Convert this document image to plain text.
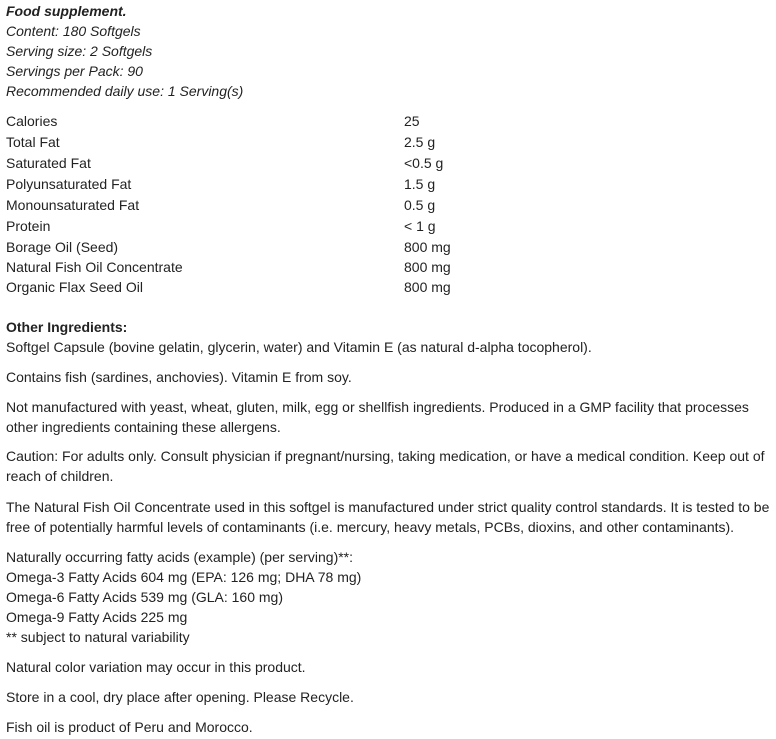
Food supplement.
Content: 180 Softgels
Serving size: 2 Softgels
Servings per Pack: 90
Recommended daily use: 1 Serving(s)
Calories	25
Total Fat	2.5 g
Saturated Fat	<0.5 g
Polyunsaturated Fat	1.5 g
Monounsaturated Fat	0.5 g
Protein	< 1 g
Borage Oil (Seed)	800 mg
Natural Fish Oil Concentrate	800 mg
Organic Flax Seed Oil	800 mg
Other Ingredients:
Softgel Capsule (bovine gelatin, glycerin, water) and Vitamin E (as natural d-alpha tocopherol).
Contains fish (sardines, anchovies). Vitamin E from soy.
Not manufactured with yeast, wheat, gluten, milk, egg or shellfish ingredients. Produced in a GMP facility that processes other ingredients containing these allergens.
Caution: For adults only. Consult physician if pregnant/nursing, taking medication, or have a medical condition. Keep out of reach of children.
The Natural Fish Oil Concentrate used in this softgel is manufactured under strict quality control standards. It is tested to be free of potentially harmful levels of contaminants (i.e. mercury, heavy metals, PCBs, dioxins, and other contaminants).
Naturally occurring fatty acids (example) (per serving)**:
Omega-3 Fatty Acids 604 mg (EPA: 126 mg; DHA 78 mg)
Omega-6 Fatty Acids 539 mg (GLA: 160 mg)
Omega-9 Fatty Acids 225 mg
** subject to natural variability
Natural color variation may occur in this product.
Store in a cool, dry place after opening. Please Recycle.
Fish oil is product of Peru and Morocco.
